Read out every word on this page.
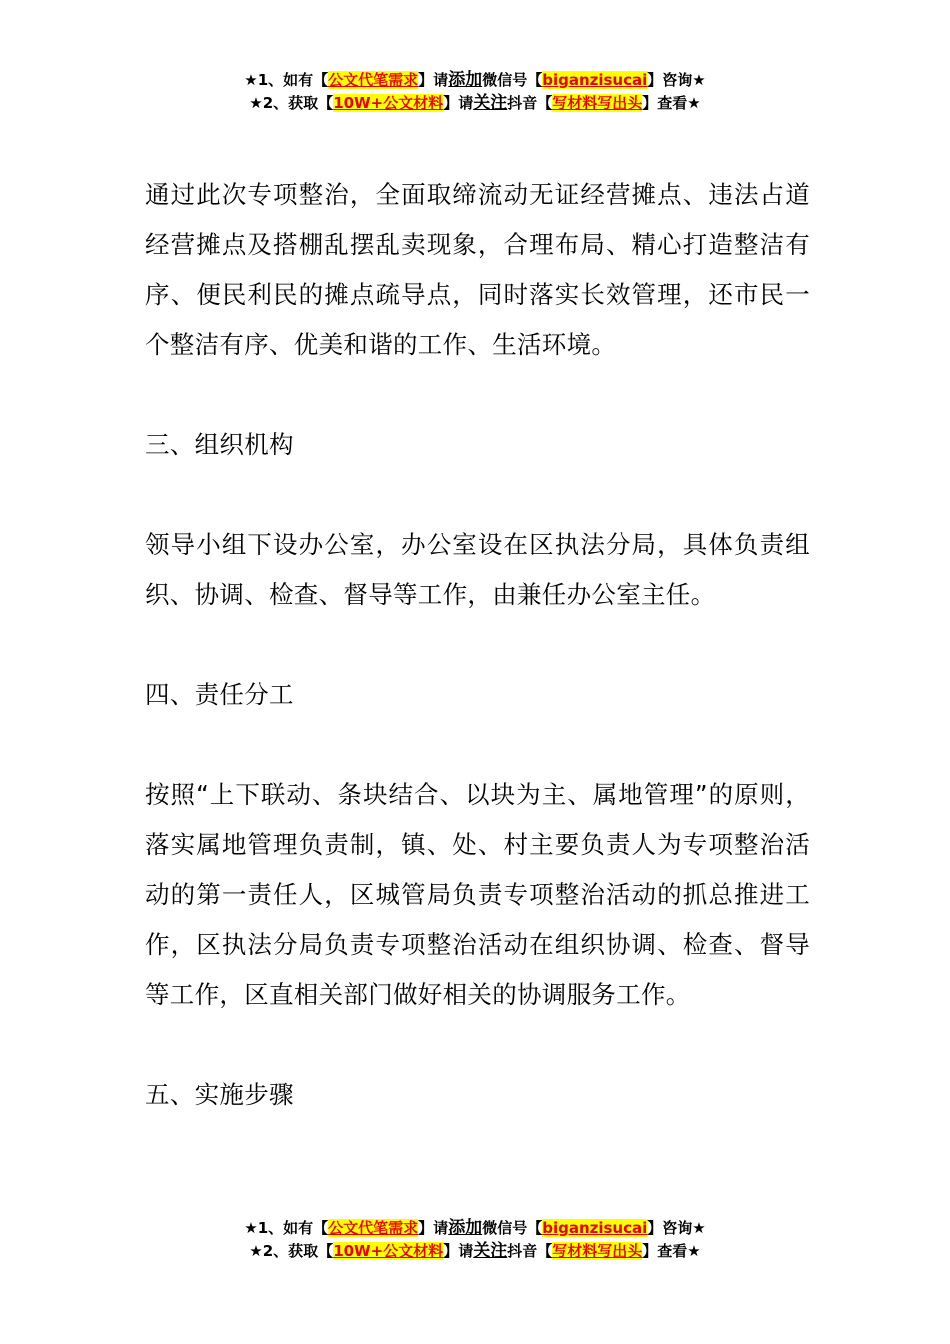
★1、如有【公文代笔需求】请添加微信号【biganzisucai】咨询★
★2、获取【10W+公文材料】请关注抖音【写材料写出头】查看★

通过此次专项整治，全面取缔流动无证经营摊点、违法占道经营摊点及搭棚乱摆乱卖现象，合理布局、精心打造整洁有序、便民利民的摊点疏导点，同时落实长效管理，还市民一个整洁有序、优美和谐的工作、生活环境。

三、组织机构

领导小组下设办公室，办公室设在区执法分局，具体负责组织、协调、检查、督导等工作，由兼任办公室主任。

四、责任分工

按照“上下联动、条块结合、以块为主、属地管理”的原则，落实属地管理负责制，镇、处、村主要负责人为专项整治活动的第一责任人，区城管局负责专项整治活动的抓总推进工作，区执法分局负责专项整治活动在组织协调、检查、督导等工作，区直相关部门做好相关的协调服务工作。

五、实施步骤

★1、如有【公文代笔需求】请添加微信号【biganzisucai】咨询★
★2、获取【10W+公文材料】请关注抖音【写材料写出头】查看★
